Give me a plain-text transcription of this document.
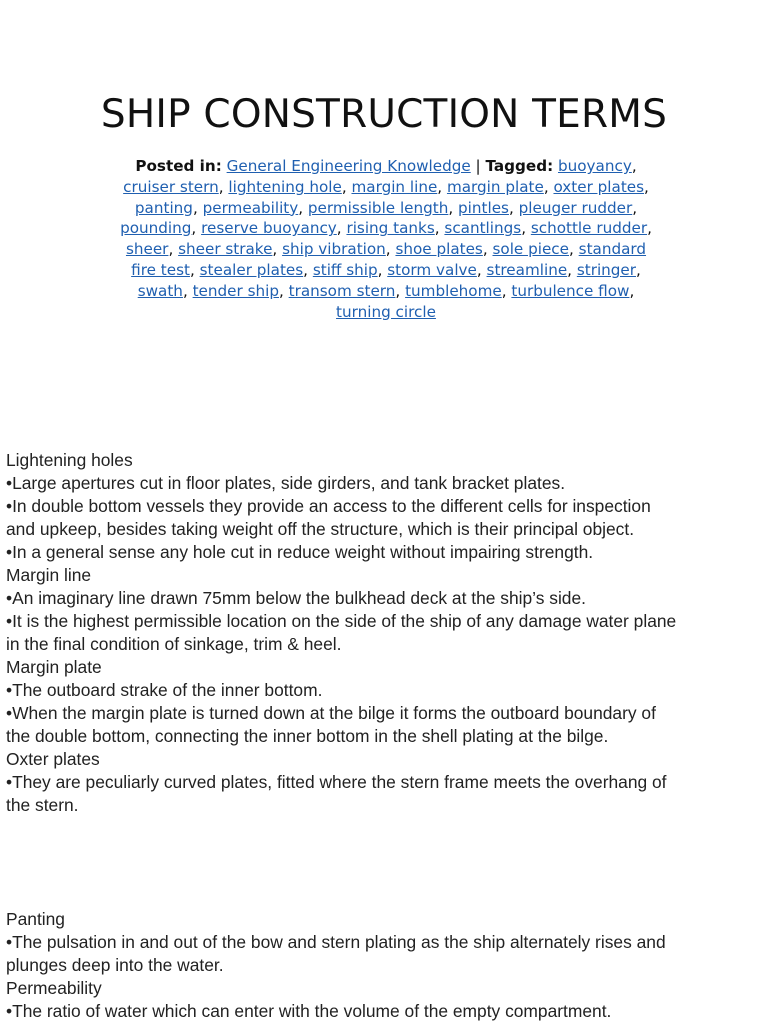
SHIP CONSTRUCTION TERMS
Posted in: General Engineering Knowledge | Tagged: buoyancy, cruiser stern, lightening hole, margin line, margin plate, oxter plates, panting, permeability, permissible length, pintles, pleuger rudder, pounding, reserve buoyancy, rising tanks, scantlings, schottle rudder, sheer, sheer strake, ship vibration, shoe plates, sole piece, standard fire test, stealer plates, stiff ship, storm valve, streamline, stringer, swath, tender ship, transom stern, tumblehome, turbulence flow, turning circle
Lightening holes
•Large apertures cut in floor plates, side girders, and tank bracket plates.
•In double bottom vessels they provide an access to the different cells for inspection
and upkeep, besides taking weight off the structure, which is their principal object.
•In a general sense any hole cut in reduce weight without impairing strength.
Margin line
•An imaginary line drawn 75mm below the bulkhead deck at the ship’s side.
•It is the highest permissible location on the side of the ship of any damage water plane
in the final condition of sinkage, trim & heel.
Margin plate
•The outboard strake of the inner bottom.
•When the margin plate is turned down at the bilge it forms the outboard boundary of
the double bottom, connecting the inner bottom in the shell plating at the bilge.
Oxter plates
•They are peculiarly curved plates, fitted where the stern frame meets the overhang of
the stern.
Panting
•The pulsation in and out of the bow and stern plating as the ship alternately rises and
plunges deep into the water.
Permeability
•The ratio of water which can enter with the volume of the empty compartment.
